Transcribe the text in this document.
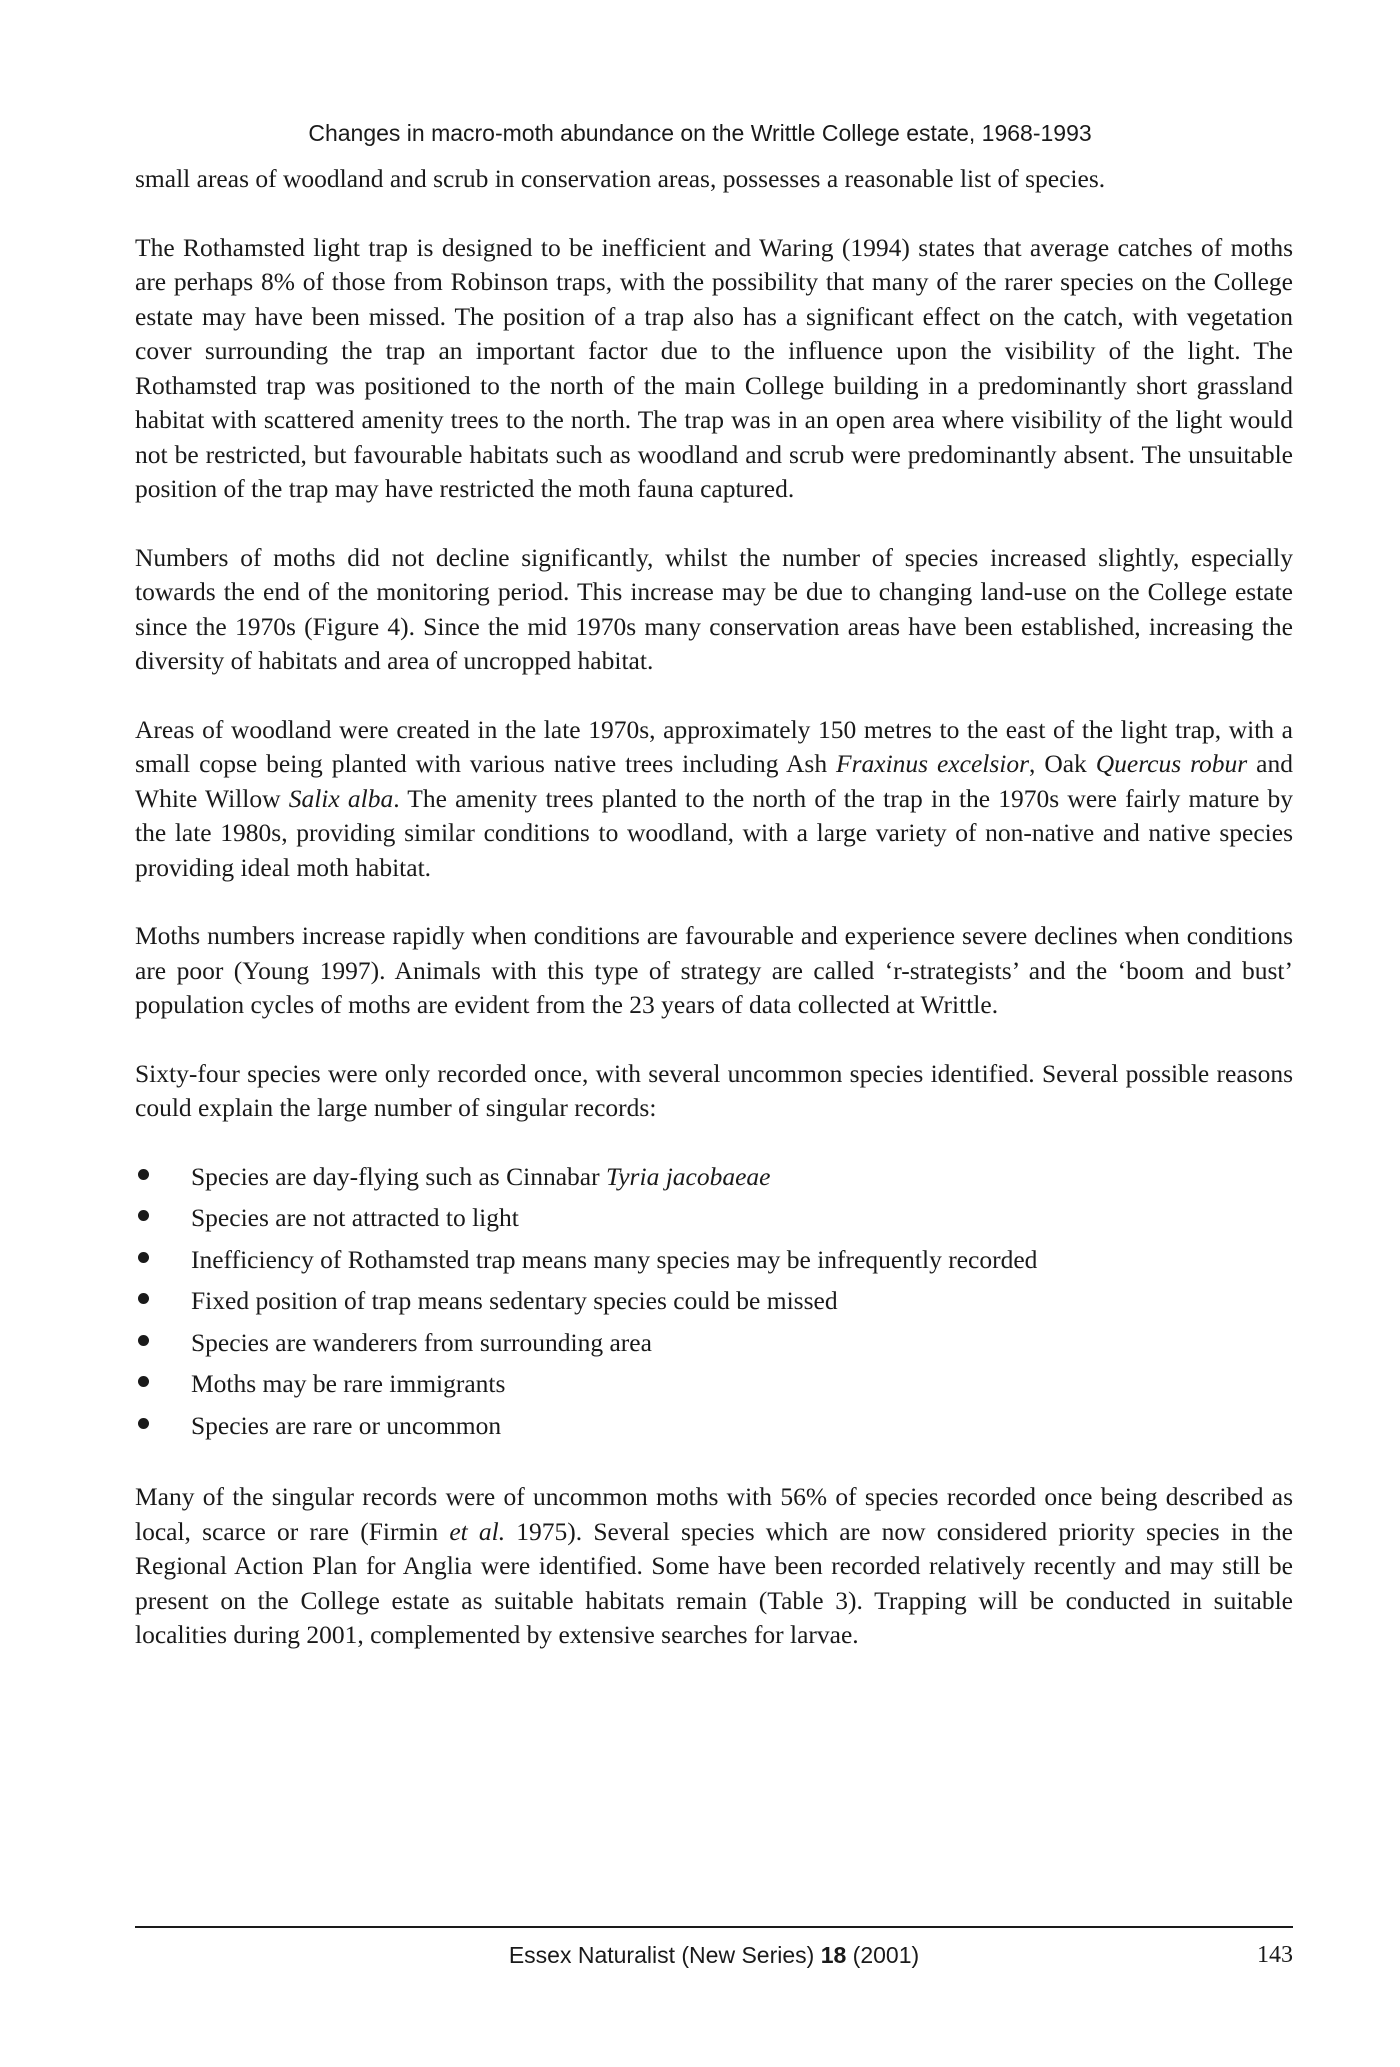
Changes in macro-moth abundance on the Writtle College estate, 1968-1993

small areas of woodland and scrub in conservation areas, possesses a reasonable list of species.

The Rothamsted light trap is designed to be inefficient and Waring (1994) states that average catches of moths are perhaps 8% of those from Robinson traps, with the possibility that many of the rarer species on the College estate may have been missed. The position of a trap also has a significant effect on the catch, with vegetation cover surrounding the trap an important factor due to the influence upon the visibility of the light. The Rothamsted trap was positioned to the north of the main College building in a predominantly short grassland habitat with scattered amenity trees to the north. The trap was in an open area where visibility of the light would not be restricted, but favourable habitats such as woodland and scrub were predominantly absent. The unsuitable position of the trap may have restricted the moth fauna captured.

Numbers of moths did not decline significantly, whilst the number of species increased slightly, especially towards the end of the monitoring period. This increase may be due to changing land-use on the College estate since the 1970s (Figure 4). Since the mid 1970s many conservation areas have been established, increasing the diversity of habitats and area of uncropped habitat.

Areas of woodland were created in the late 1970s, approximately 150 metres to the east of the light trap, with a small copse being planted with various native trees including Ash Fraxinus excelsior, Oak Quercus robur and White Willow Salix alba. The amenity trees planted to the north of the trap in the 1970s were fairly mature by the late 1980s, providing similar conditions to woodland, with a large variety of non-native and native species providing ideal moth habitat.

Moths numbers increase rapidly when conditions are favourable and experience severe declines when conditions are poor (Young 1997). Animals with this type of strategy are called ‘r-strategists’ and the ‘boom and bust’ population cycles of moths are evident from the 23 years of data collected at Writtle.

Sixty-four species were only recorded once, with several uncommon species identified. Several possible reasons could explain the large number of singular records:

Species are day-flying such as Cinnabar Tyria jacobaeae
Species are not attracted to light
Inefficiency of Rothamsted trap means many species may be infrequently recorded
Fixed position of trap means sedentary species could be missed
Species are wanderers from surrounding area
Moths may be rare immigrants
Species are rare or uncommon

Many of the singular records were of uncommon moths with 56% of species recorded once being described as local, scarce or rare (Firmin et al. 1975). Several species which are now considered priority species in the Regional Action Plan for Anglia were identified. Some have been recorded relatively recently and may still be present on the College estate as suitable habitats remain (Table 3). Trapping will be conducted in suitable localities during 2001, complemented by extensive searches for larvae.

Essex Naturalist (New Series) 18 (2001)	143
